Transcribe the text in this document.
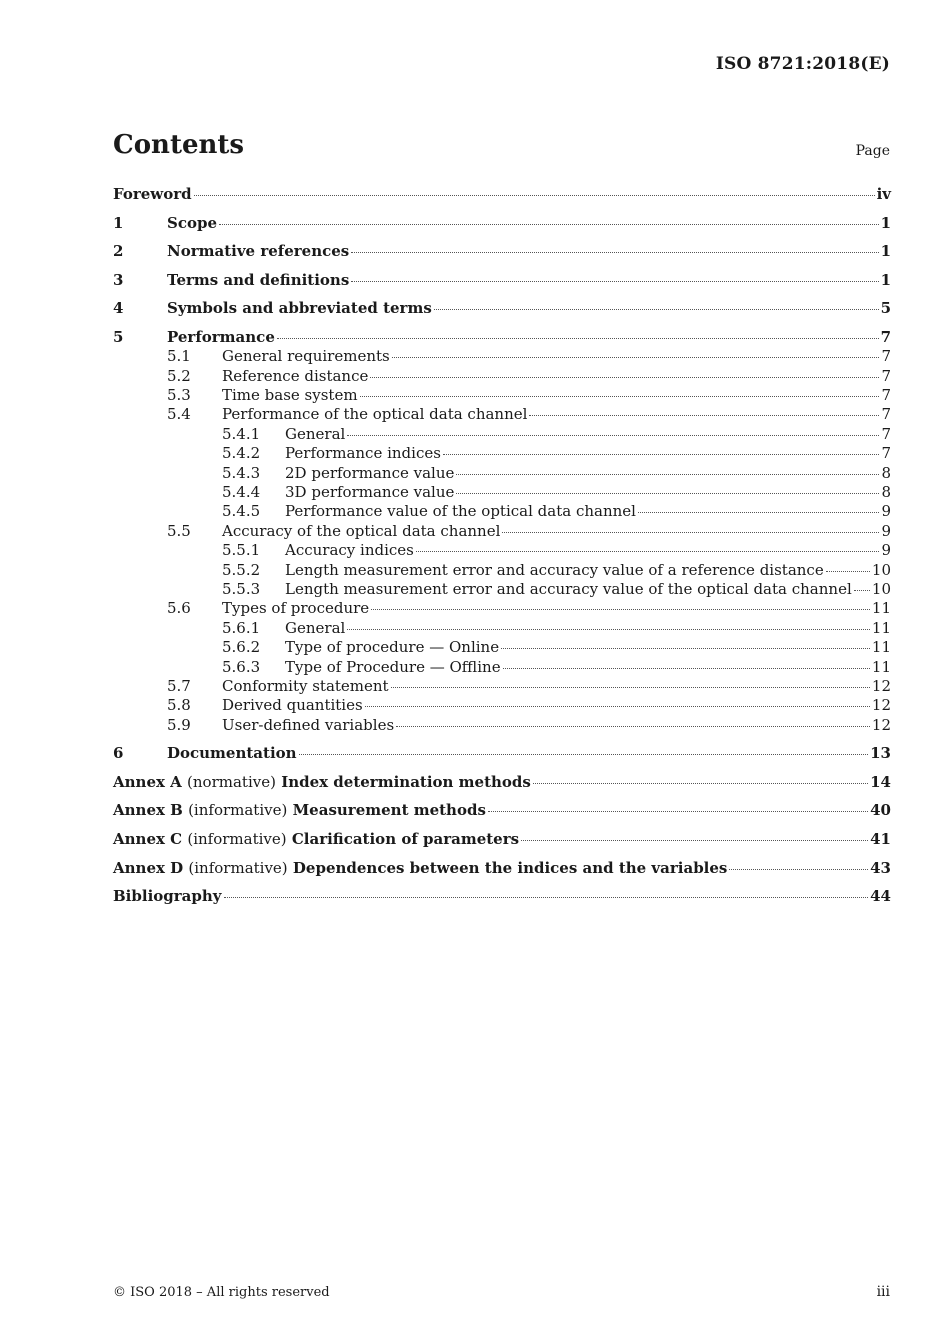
ISO 8721:2018(E)
Contents	Page
Foreword	iv
1	Scope	1
2	Normative references	1
3	Terms and definitions	1
4	Symbols and abbreviated terms	5
5	Performance	7
5.1 General requirements	7
5.2 Reference distance	7
5.3 Time base system	7
5.4 Performance of the optical data channel	7
5.4.1 General	7
5.4.2 Performance indices	7
5.4.3 2D performance value	8
5.4.4 3D performance value	8
5.4.5 Performance value of the optical data channel	9
5.5 Accuracy of the optical data channel	9
5.5.1 Accuracy indices	9
5.5.2 Length measurement error and accuracy value of a reference distance	10
5.5.3 Length measurement error and accuracy value of the optical data channel 10
5.6 Types of procedure	11
5.6.1 General	11
5.6.2 Type of procedure — Online	11
5.6.3 Type of Procedure — Offline	11
5.7 Conformity statement	12
5.8 Derived quantities	12
5.9 User-defined variables	12
6	Documentation	13
Annex A (normative) Index determination methods	14
Annex B (informative) Measurement methods	40
Annex C (informative) Clarification of parameters	41
Annex D (informative) Dependences between the indices and the variables	43
Bibliography	44
© ISO 2018 – All rights reserved	iii
